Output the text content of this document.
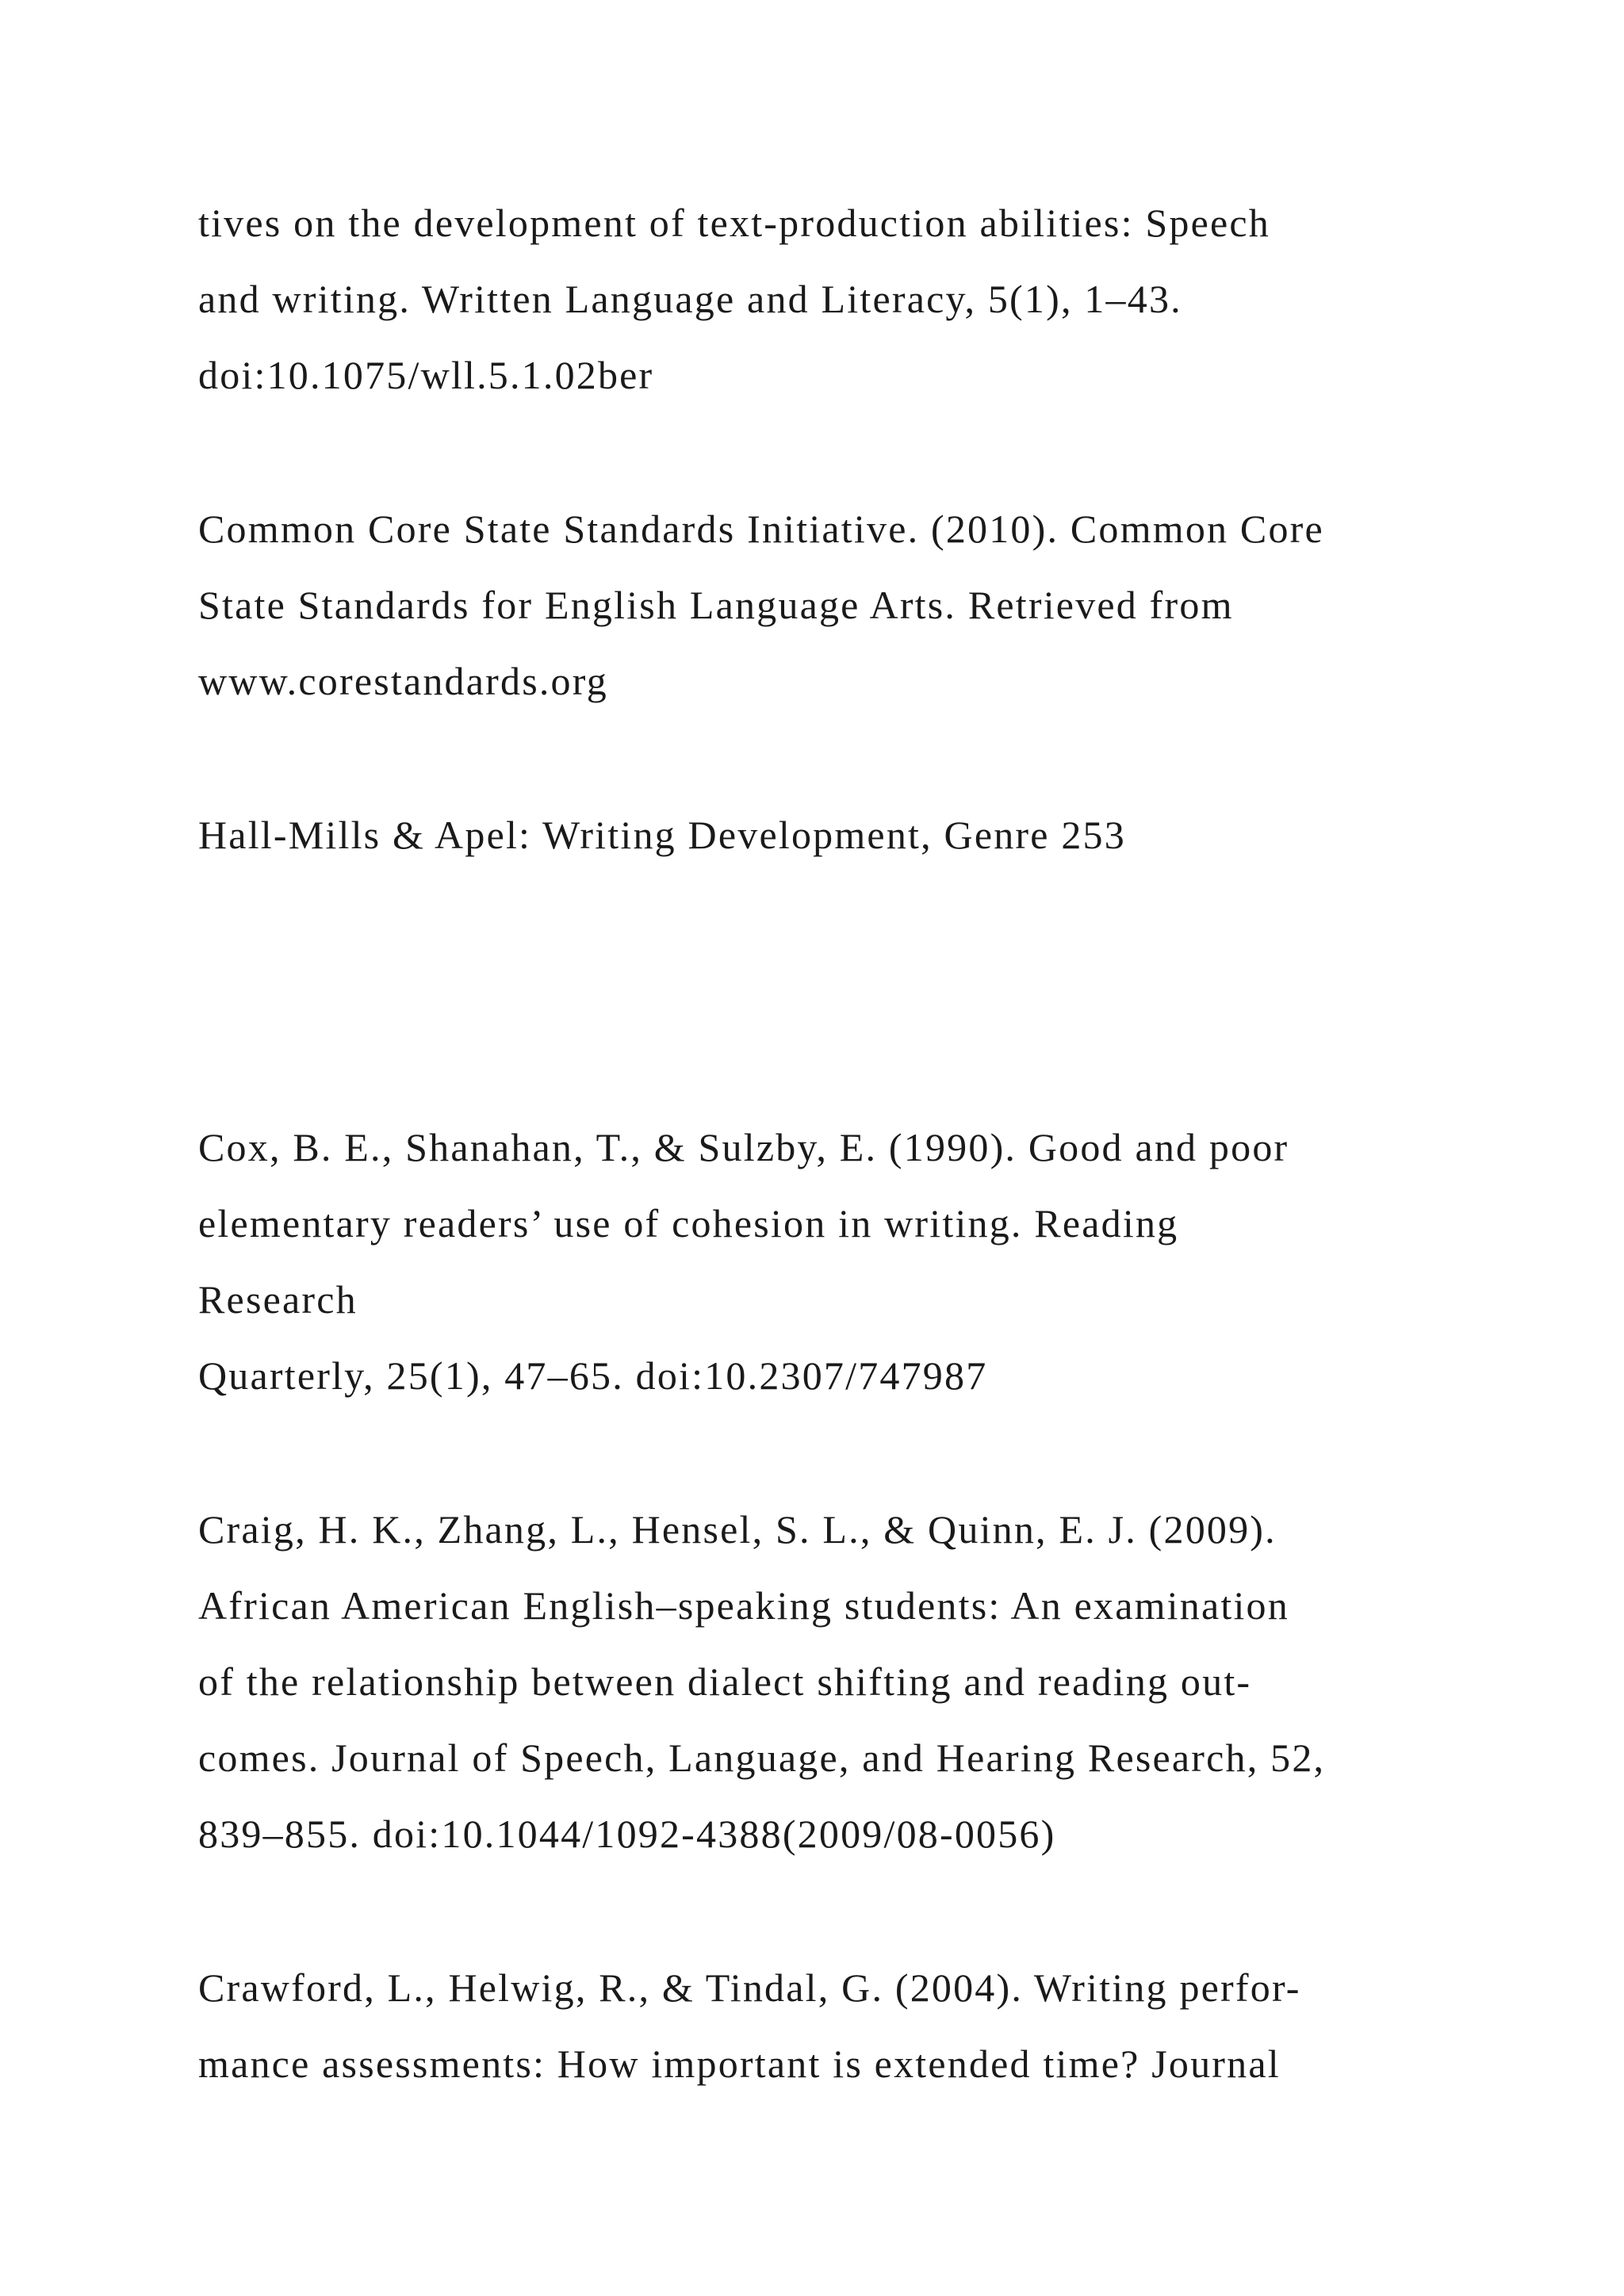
tives on the development of text-production abilities: Speech
and writing. Written Language and Literacy, 5(1), 1–43.
doi:10.1075/wll.5.1.02ber
Common Core State Standards Initiative. (2010). Common Core
State Standards for English Language Arts. Retrieved from
www.corestandards.org
Hall-Mills & Apel: Writing Development, Genre 253
Cox, B. E., Shanahan, T., & Sulzby, E. (1990). Good and poor
elementary readers’ use of cohesion in writing. Reading
Research
Quarterly, 25(1), 47–65. doi:10.2307/747987
Craig, H. K., Zhang, L., Hensel, S. L., & Quinn, E. J. (2009).
African American English–speaking students: An examination
of the relationship between dialect shifting and reading out-
comes. Journal of Speech, Language, and Hearing Research, 52,
839–855. doi:10.1044/1092-4388(2009/08-0056)
Crawford, L., Helwig, R., & Tindal, G. (2004). Writing perfor-
mance assessments: How important is extended time? Journal
